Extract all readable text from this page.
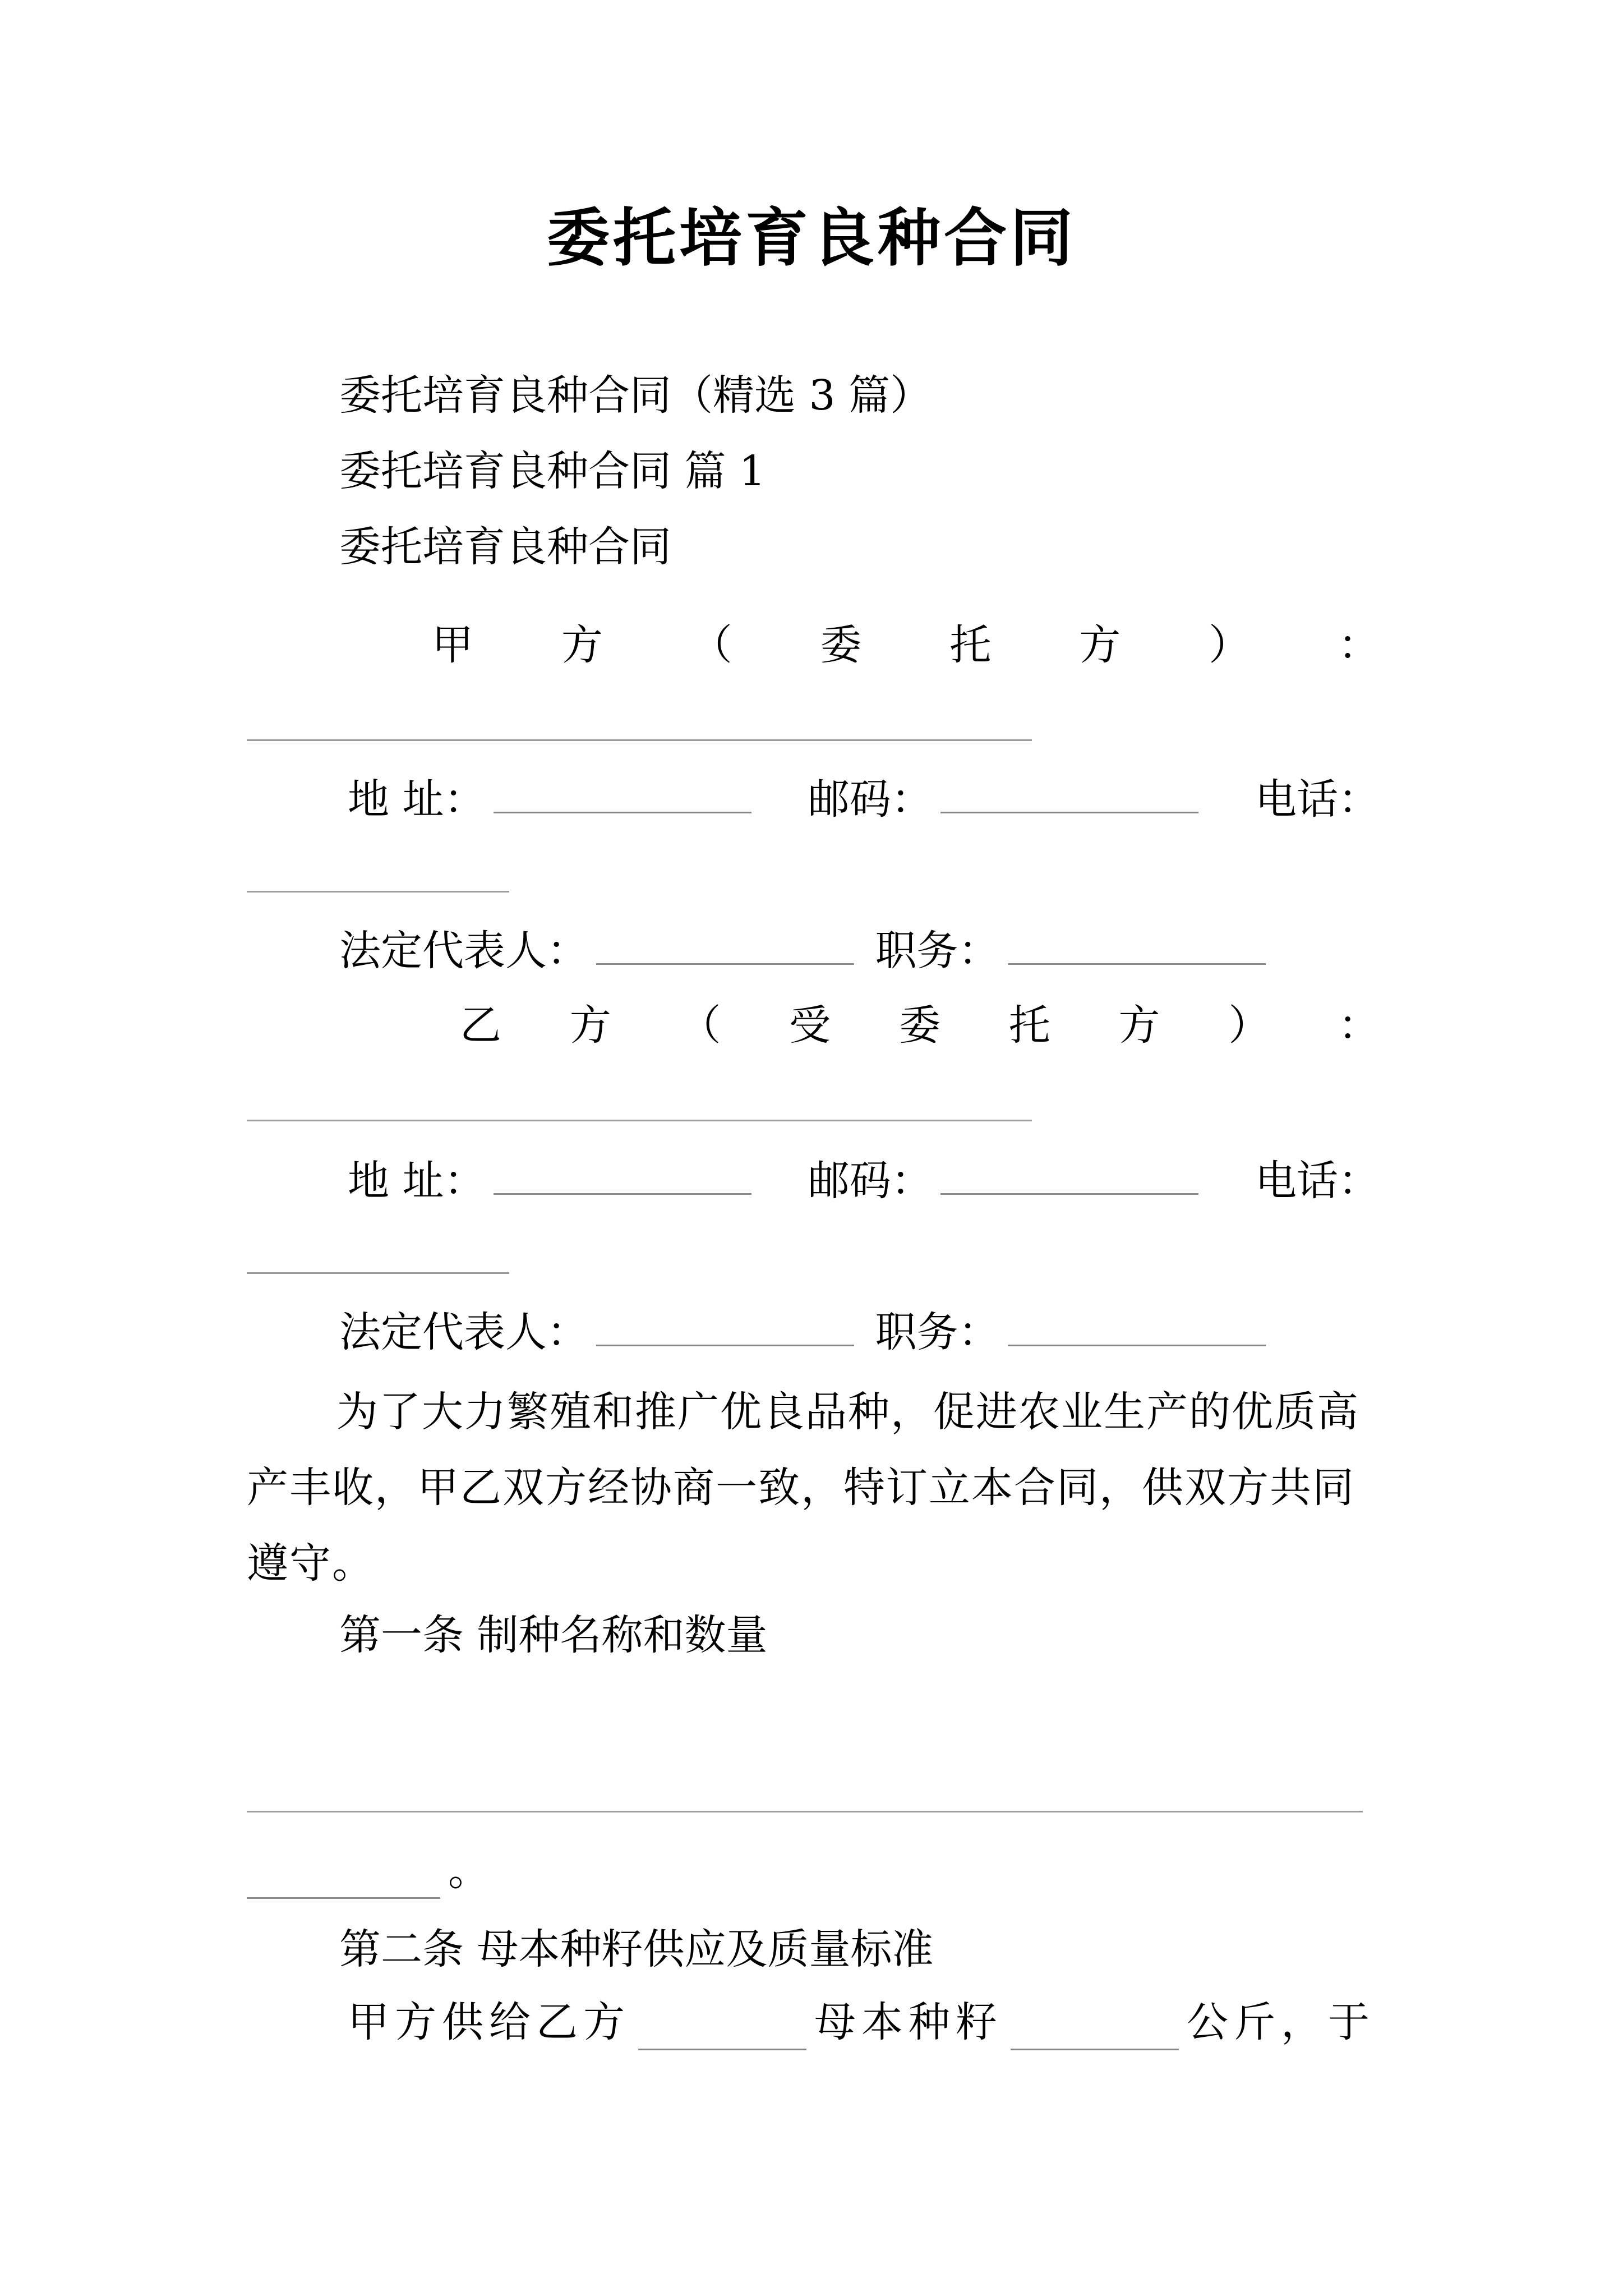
委托培育良种合同
委托培育良种合同（精选 3 篇）
委托培育良种合同 篇 1
委托培育良种合同
甲 方 （ 委 托 方 ） ：
地 址：	邮码：	电话：
法定代表人：	职务：
乙 方 （ 受 委 托 方 ） ：
地 址：	邮码：	电话：
法定代表人：	职务：
为了大力繁殖和推广优良品种，促进农业生产的优质高产丰收，甲乙双方经协商一致，特订立本合同，供双方共同遵守。
第一条 制种名称和数量
。
第二条 母本种籽供应及质量标准
甲方供给乙方	母本种籽	公斤，于
